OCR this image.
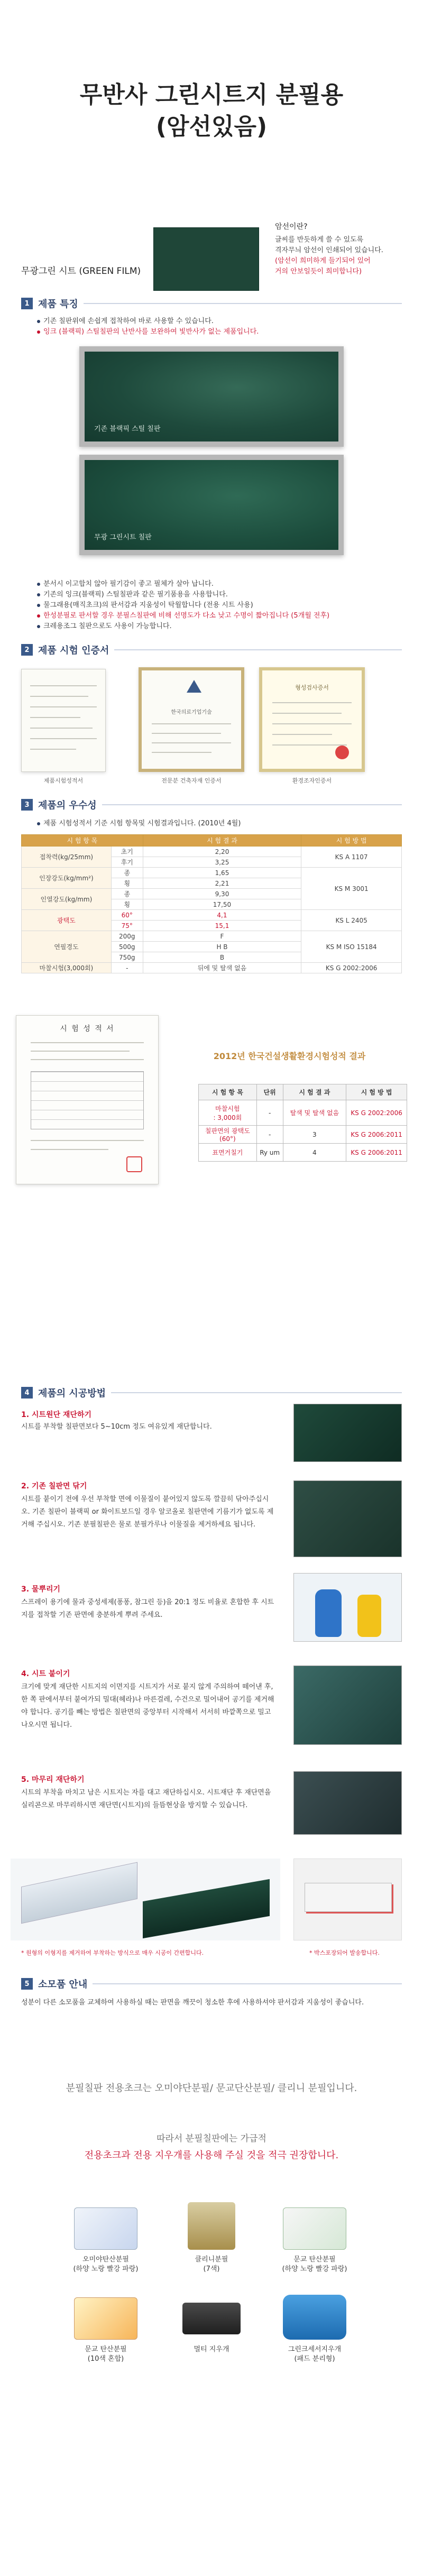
무반사 그린시트지 분필용
(암선있음)
무광그린 시트 (GREEN FILM)
암선이란?
글씨를 반듯하게 쓸 수 있도록
격자무늬 암선이 인쇄되어 있습니다.
(암선이 희미하게 들기되어 있어
거의 안보일듯이 희미합니다)
1 제품 특징
기존 칠판위에 손쉽게 접착하여 바로 사용할 수 있습니다.
잉크 (블랙픽) 스틸칠판의 난반사를 보완하여 빛반사가 없는 제품입니다.
기존 블랙픽 스틸 칠판
무광 그린시트 칠판
분서시 이고합치 않아 필기감이 좋고 필체가 살아 납니다.
기존의 잉크(블랙픽) 스틸칠판과 같은 필기품용을 사용합니다.
물그래용(매직초크)의 판서감과 지움성이 탁월합니다 (전용 시트 사용)
한성분필로 판서할 경우 분필스칠판에 비해 선명도가 다소 낮고 수명이 짧아집니다 (5개월 전후)
크레용조그 칠판으로도 사용이 가능합니다.
2 제품 시험 인증서
제품시험성적서
한국의료기업기술
전문분 건축자재 인증서
형성검사증서
환경조자인증서
3 제품의 우수성
제품 시험성적서 기준 시험 항목및 시험결과입니다. (2010년 4월)
시 험 항 목		시 험 결 과	시 험 방 법
접착력(kg/25mm)	초기	2,20	KS A 1107
	후기	3,25	
인장강도(kg/mm²)	종	1,65	KS M 3001
	횡	2,21	
인열강도(kg/mm)	종	9,30	
	횡	17,50	
광택도	60°	4,1	KS L 2405
	75°	15,1	
연필경도	200g	F	KS M ISO 15184
	500g	H B	
	750g	B	
마찰시험(3,000회)	-	뒤에 및 탈색 없음	KS G 2002:2006
시 험 성 적 서
2012년 한국건설생활환경시험성적 결과
시 험 항 목	단위	시 험 결 과	시 험 방 법
마찰시험
: 3,000회	-	탈색 및 탈색 없음	KS G 2002:2006
칠판면의 광택도(60°)	-	3	KS G 2006:2011
표면거칠기	Ry um	4	KS G 2006:2011
4 제품의 시공방법
1. 시트원단 재단하기
시트를 부착할 칠판면보다 5~10cm 정도 여유있게 재단합니다.
2. 기존 칠판면 닦기
시트를 붙이기 전에 우선 부착할 면에 이물질이 붙어있지 않도록 깔끔히 닦아주십시오. 기존 칠판이 블랙픽 or 화이트보드일 경우 알코올로 칠판면에 기름기가 없도록 제거해 주십시오. 기존 분필칠판은 물로 분필가루나 이물질을 제거하세요 됩니다.
3. 물뿌리기
스프레이 용기에 물과 중성세제(퐁퐁, 참그린 등)을 20:1 정도 비율로 혼합한 후 시트지를 접착할 기존 판면에 충분하게 뿌려 주세요.
4. 시트 붙이기
크기에 맞게 재단한 시트지의 이면지를 시트지가 서로 붙지 않게 주의하여 떼어낸 후, 한 쪽 판에서부터 붙여가되 밀대(헤라)나 마른걸레, 수건으로 밀어내어 공기를 제거해야 합니다. 공기를 빼는 방법은 칠판면의 중앙부터 시작해서 서서히 바깥쪽으로 밀고 나오시면 됩니다.
5. 마무리 재단하기
시트의 부착을 마치고 남은 시트지는 자를 대고 재단하십시오. 시트재단 후 재단면을 실리콘으로 마무리하시면 재단면(시트지)의 들뜸현상을 방지할 수 있습니다.
* 원형의 이형지를 제거하여 부착하는 방식으로 매우 시공이 간편합니다.	* 박스포장되어 발송합니다.
5 소모품 안내
성분이 다른 소모품을 교체하여 사용하실 때는 판면을 깨끗이 청소한 후에 사용하셔야 판서감과 지움성이 좋습니다.
분필칠판 전용초크는 오미야단분필/ 문교단산분필/ 클리니 분필입니다.
따라서 분필칠판에는 가급적
전용초크과 전용 지우개를 사용해 주실 것을 적극 권장합니다.
오미야탄산분필
(하양 노랑 빨강 파랑)
클리니분필
(7색)
문교 탄산분필
(하양 노랑 빨강 파랑)
문교 탄산분필
(10색 혼합)
멀티 지우개	그린크세서지우개
(패드 분리형)
